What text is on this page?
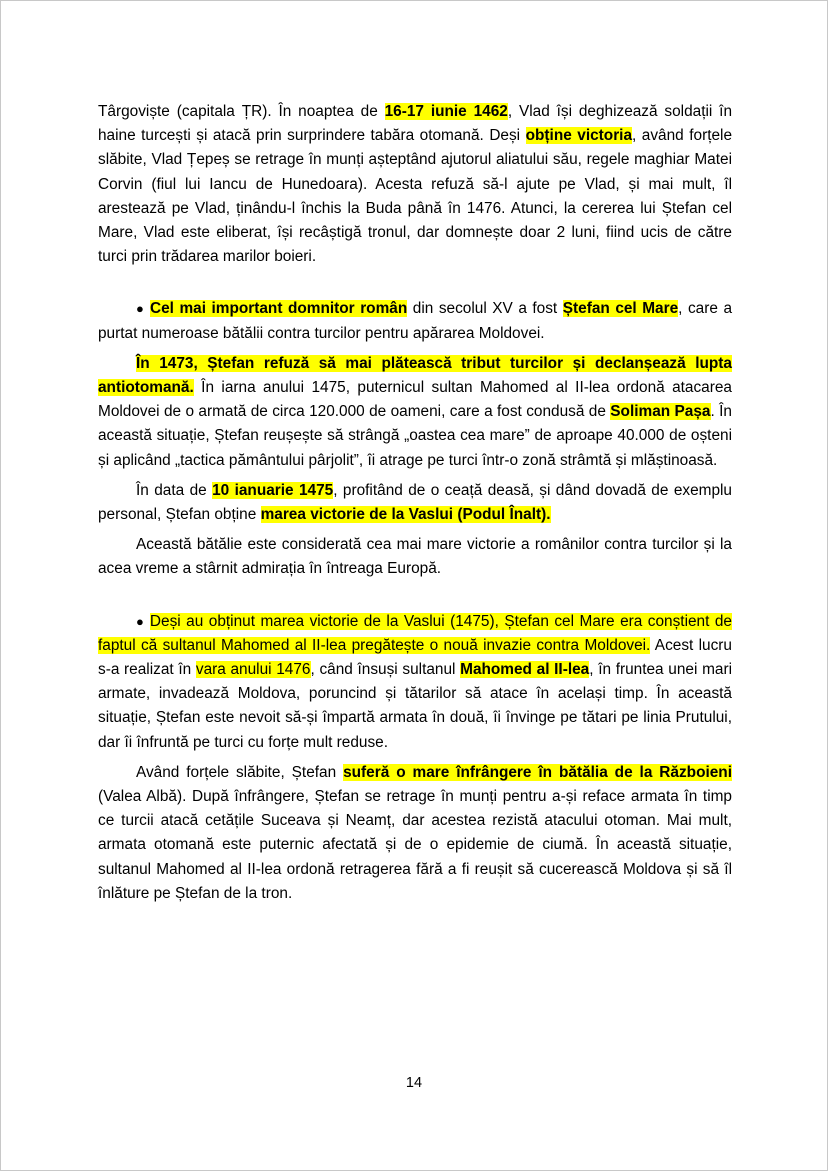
Târgoviște (capitala ȚR). În noaptea de 16-17 iunie 1462, Vlad își deghizează soldații în haine turcești și atacă prin surprindere tabăra otomană. Deși obține victoria, având forțele slăbite, Vlad Țepeș se retrage în munți așteptând ajutorul aliatului său, regele maghiar Matei Corvin (fiul lui Iancu de Hunedoara). Acesta refuză să-l ajute pe Vlad, și mai mult, îl arestează pe Vlad, ținându-l închis la Buda până în 1476. Atunci, la cererea lui Ștefan cel Mare, Vlad este eliberat, își recâștigă tronul, dar domnește doar 2 luni, fiind ucis de către turci prin trădarea marilor boieri.

● Cel mai important domnitor român din secolul XV a fost Ștefan cel Mare, care a purtat numeroase bătălii contra turcilor pentru apărarea Moldovei.

În 1473, Ștefan refuză să mai plătească tribut turcilor și declanșează lupta antiotomană. În iarna anului 1475, puternicul sultan Mahomed al II-lea ordonă atacarea Moldovei de o armată de circa 120.000 de oameni, care a fost condusă de Soliman Pașa. În această situație, Ștefan reușește să strângă „oastea cea mare” de aproape 40.000 de oșteni și aplicând „tactica pământului pârjolit”, îi atrage pe turci într-o zonă strâmtă și mlăștinoasă.

În data de 10 ianuarie 1475, profitând de o ceață deasă, și dând dovadă de exemplu personal, Ștefan obține marea victorie de la Vaslui (Podul Înalt).

Această bătălie este considerată cea mai mare victorie a românilor contra turcilor și la acea vreme a stârnit admirația în întreaga Europă.

● Deși au obținut marea victorie de la Vaslui (1475), Ștefan cel Mare era conștient de faptul că sultanul Mahomed al II-lea pregătește o nouă invazie contra Moldovei. Acest lucru s-a realizat în vara anului 1476, când însuși sultanul Mahomed al II-lea, în fruntea unei mari armate, invadează Moldova, poruncind și tătarilor să atace în același timp. În această situație, Ștefan este nevoit să-și împartă armata în două, îi învinge pe tătari pe linia Prutului, dar îi înfruntă pe turci cu forțe mult reduse.

Având forțele slăbite, Ștefan suferă o mare înfrângere în bătălia de la Războieni (Valea Albă). După înfrângere, Ștefan se retrage în munți pentru a-și reface armata în timp ce turcii atacă cetățile Suceava și Neamț, dar acestea rezistă atacului otoman. Mai mult, armata otomană este puternic afectată și de o epidemie de ciumă. În această situație, sultanul Mahomed al II-lea ordonă retragerea fără a fi reușit să cucerească Moldova și să îl înlăture pe Ștefan de la tron.

14
